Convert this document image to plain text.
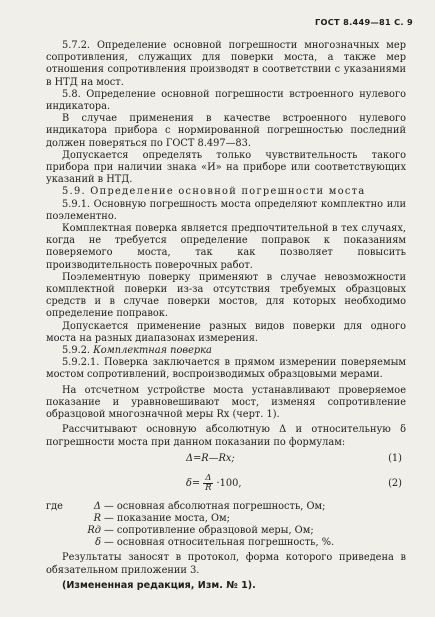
ГОСТ 8.449—81 С. 9

5.7.2. Определение основной погрешности многозначных мер сопротивления, служащих для поверки моста, а также мер отношения сопротивления производят в соответствии с указаниями в НТД на мост.

5.8. Определение основной погрешности встроенного нулевого индикатора.

В случае применения в качестве встроенного нулевого индикатора прибора с нормированной погрешностью последний должен поверяться по ГОСТ 8.497—83.

Допускается определять только чувствительность такого прибора при наличии знака «И» на приборе или соответствующих указаний в НТД.

5.9. Определение основной погрешности моста

5.9.1. Основную погрешность моста определяют комплектно или поэлементно.

Комплектная поверка является предпочтительной в тех случаях, когда не требуется определение поправок к показаниям поверяемого моста, так как позволяет повысить производительность поверочных работ.

Поэлементную поверку применяют в случае невозможности комплектной поверки из-за отсутствия требуемых образцовых средств и в случае поверки мостов, для которых необходимо определение поправок.

Допускается применение разных видов поверки для одного моста на разных диапазонах измерения.

5.9.2. Комплектная поверка

5.9.2.1. Поверка заключается в прямом измерении поверяемым мостом сопротивлений, воспроизводимых образцовыми мерами.

На отсчетном устройстве моста устанавливают проверяемое показание и уравновешивают мост, изменяя сопротивление образцовой многозначной меры Rх (черт. 1).

Рассчитывают основную абсолютную Δ и относительную δ погрешности моста при данном показании по формулам:

Δ=R—Rх;	(1)
$\delta= \frac{\Delta}{R} \cdot 100$,	(2)
где	Δ — основная абсолютная погрешность, Ом;
R — показание моста, Ом;
Rд — сопротивление образцовой меры, Ом;
δ — основная относительная погрешность, %.

Результаты заносят в протокол, форма которого приведена в обязательном приложении 3.

(Измененная редакция, Изм. № 1).
